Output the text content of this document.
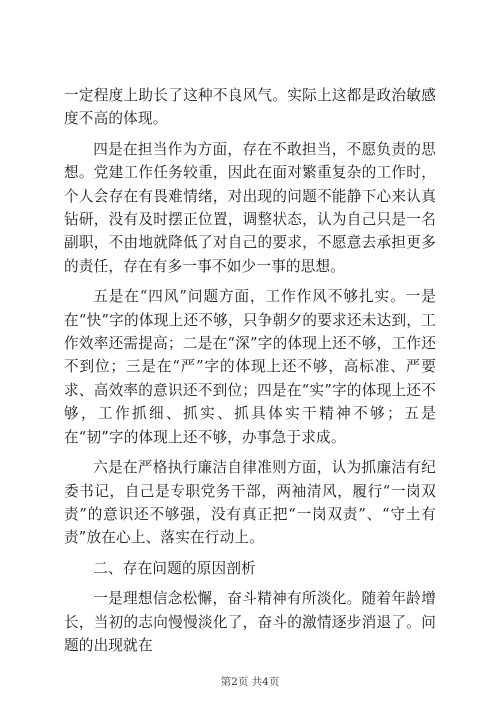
一定程度上助长了这种不良风气。实际上这都是政治敏感度不高的体现。

四是在担当作为方面，存在不敢担当，不愿负责的思想。党建工作任务较重，因此在面对繁重复杂的工作时，个人会存在有畏难情绪，对出现的问题不能静下心来认真钻研，没有及时摆正位置，调整状态，认为自己只是一名副职，不由地就降低了对自己的要求，不愿意去承担更多的责任，存在有多一事不如少一事的思想。

五是在“四风”问题方面，工作作风不够扎实。一是在“快”字的体现上还不够，只争朝夕的要求还未达到，工作效率还需提高；二是在“深”字的体现上还不够，工作还不到位；三是在“严”字的体现上还不够，高标准、严要求、高效率的意识还不到位；四是在“实”字的体现上还不够，工作抓细、抓实、抓具体实干精神不够；五是在“韧”字的体现上还不够，办事急于求成。

六是在严格执行廉洁自律准则方面，认为抓廉洁有纪委书记，自己是专职党务干部，两袖清风，履行“一岗双责”的意识还不够强，没有真正把“一岗双责”、“守土有责”放在心上、落实在行动上。

二、存在问题的原因剖析

一是理想信念松懈，奋斗精神有所淡化。随着年龄增长，当初的志向慢慢淡化了，奋斗的激情逐步消退了。问题的出现就在

第2页 共4页
